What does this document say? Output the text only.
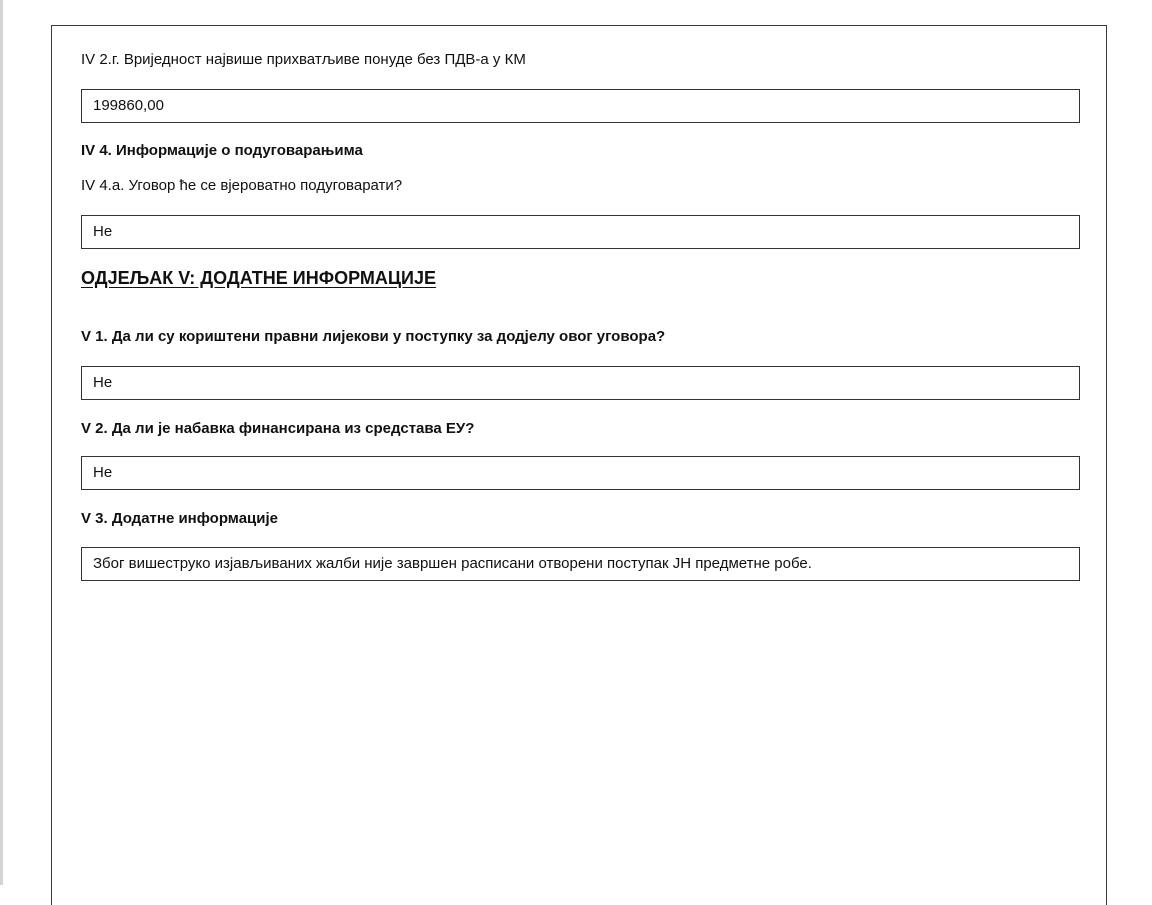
IV 2.г. Вриједност највише прихватљиве понуде без ПДВ-а у КМ

199860,00

IV 4. Информације о подуговарањима

IV 4.а. Уговор ће се вјероватно подуговарати?

Не

ОДЈЕЉАК V: ДОДАТНЕ ИНФОРМАЦИЈЕ

V 1. Да ли су кориштени правни лијекови у поступку за додјелу овог уговора?

Не

V 2. Да ли је набавка финансирана из средстава ЕУ?

Не

V 3. Додатне информације

Због вишеструко изјављиваних жалби није завршен расписани отворени поступак ЈН предметне робе.
